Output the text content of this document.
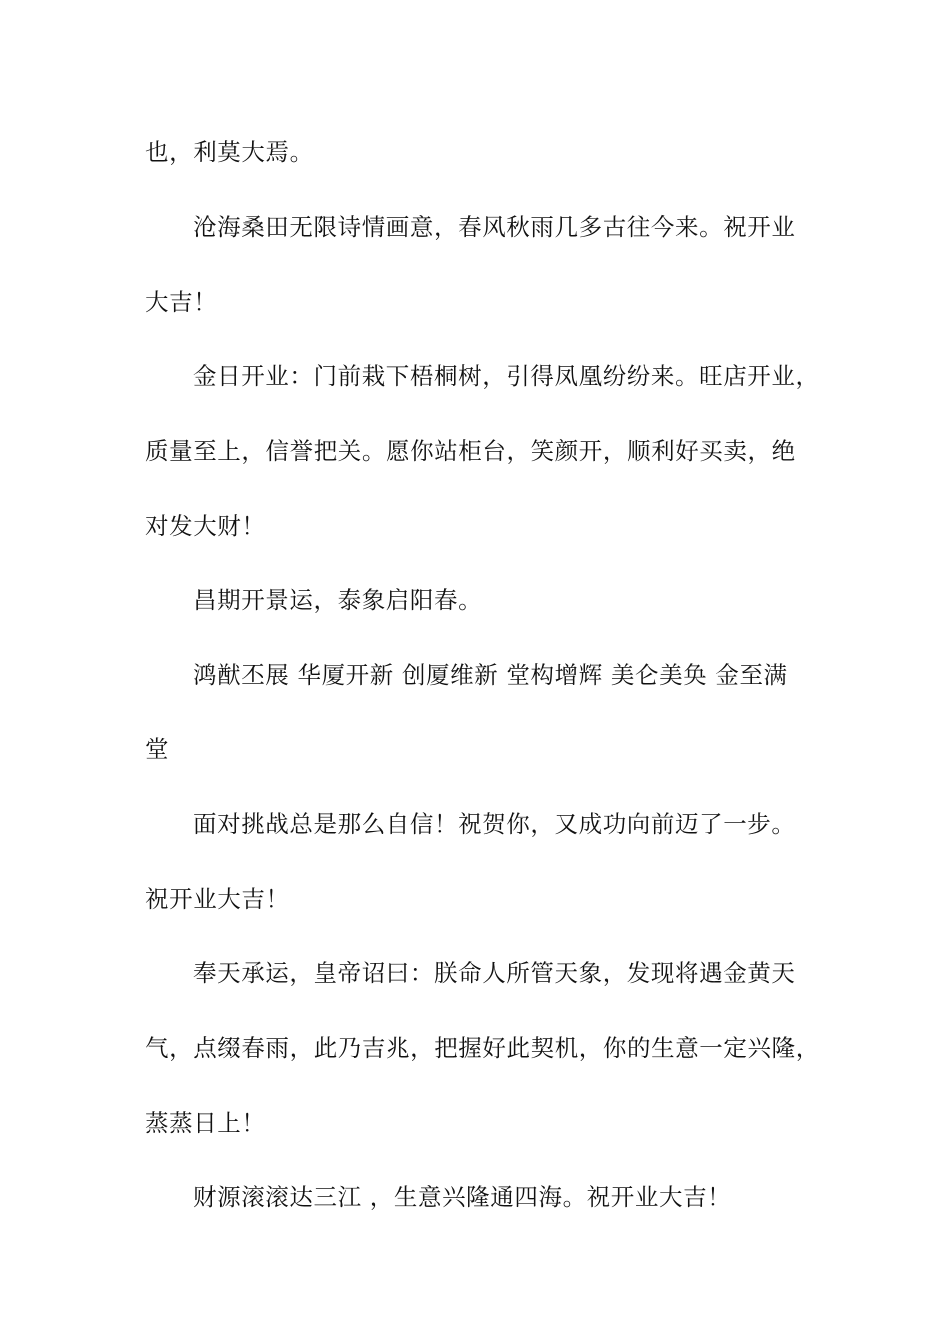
也，利莫大焉。
沧海桑田无限诗情画意，春风秋雨几多古往今来。祝开业
大吉！
金日开业：门前栽下梧桐树，引得凤凰纷纷来。旺店开业，
质量至上，信誉把关。愿你站柜台，笑颜开，顺利好买卖，绝
对发大财！
昌期开景运，泰象启阳春。
鸿猷丕展 华厦开新 创厦维新 堂构增辉 美仑美奂 金至满
堂
面对挑战总是那么自信！祝贺你，又成功向前迈了一步。
祝开业大吉！
奉天承运，皇帝诏曰：朕命人所管天象，发现将遇金黄天
气，点缀春雨，此乃吉兆，把握好此契机，你的生意一定兴隆，
蒸蒸日上！
财源滚滚达三江 ，生意兴隆通四海。祝开业大吉！
